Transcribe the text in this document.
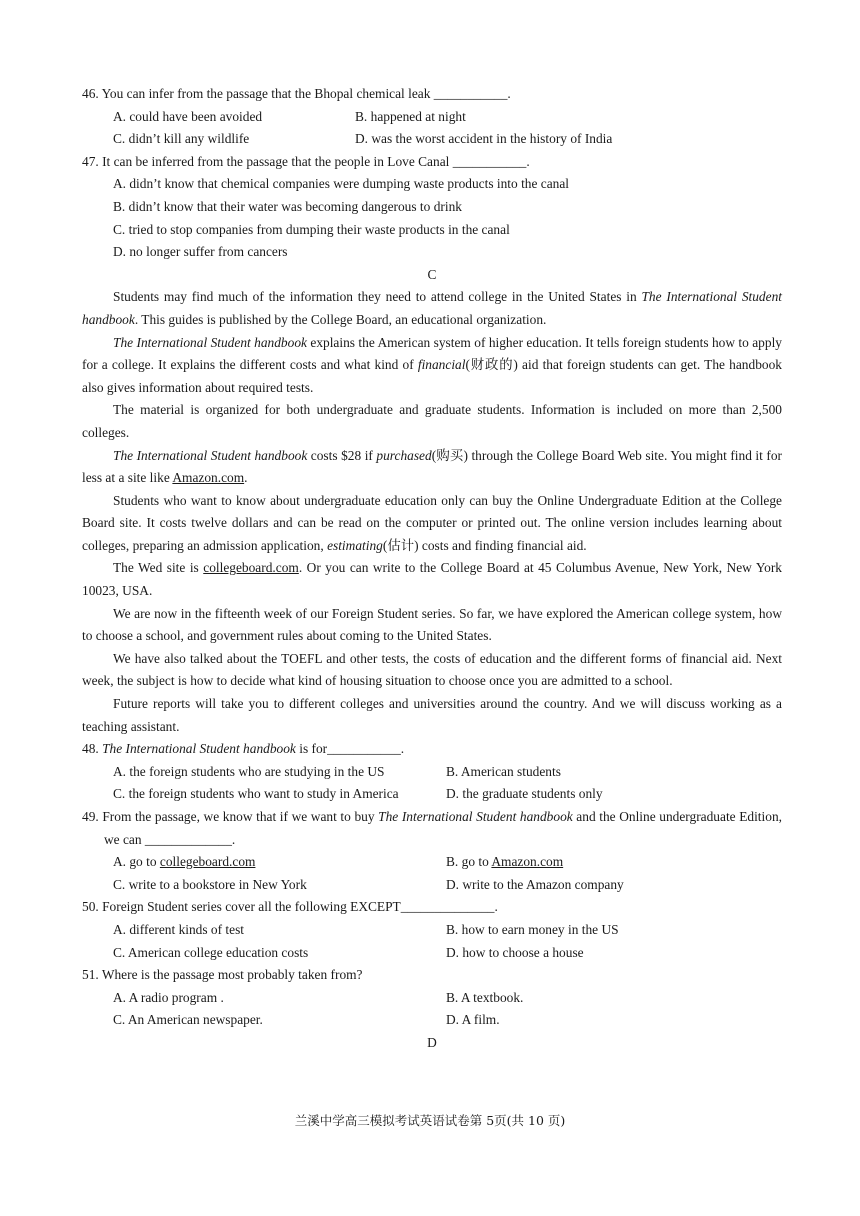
46. You can infer from the passage that the Bhopal chemical leak ___________.

A. could have been avoided	B. happened at night
C. didn’t kill any wildlife	D. was the worst accident in the history of India

47. It can be inferred from the passage that the people in Love Canal ___________.

A. didn’t know that chemical companies were dumping waste products into the canal

B. didn’t know that their water was becoming dangerous to drink

C. tried to stop companies from dumping their waste products in the canal

D. no longer suffer from cancers

C

Students may find much of the information they need to attend college in the United States in The International Student handbook. This guides is published by the College Board, an educational organization.

The International Student handbook explains the American system of higher education. It tells foreign students how to apply for a college. It explains the different costs and what kind of financial(财政的) aid that foreign students can get. The handbook also gives information about required tests.

The material is organized for both undergraduate and graduate students. Information is included on more than 2,500 colleges.

The International Student handbook costs $28 if purchased(购买) through the College Board Web site. You might find it for less at a site like Amazon.com.

Students who want to know about undergraduate education only can buy the Online Undergraduate Edition at the College Board site. It costs twelve dollars and can be read on the computer or printed out. The online version includes learning about colleges, preparing an admission application, estimating(估计) costs and finding financial aid.

The Wed site is collegeboard.com. Or you can write to the College Board at 45 Columbus Avenue, New York, New York 10023, USA.

We are now in the fifteenth week of our Foreign Student series. So far, we have explored the American college system, how to choose a school, and government rules about coming to the United States.

We have also talked about the TOEFL and other tests, the costs of education and the different forms of financial aid. Next week, the subject is how to decide what kind of housing situation to choose once you are admitted to a school.

Future reports will take you to different colleges and universities around the country. And we will discuss working as a teaching assistant.

48. The International Student handbook is for___________.

A. the foreign students who are studying in the US	B. American students
C. the foreign students who want to study in America	D. the graduate students only

49. From the passage, we know that if we want to buy The International Student handbook and the Online undergraduate Edition, we can _____________.

A. go to collegeboard.com	B. go to Amazon.com
C. write to a bookstore in New York	D. write to the Amazon company

50. Foreign Student series cover all the following EXCEPT______________.

A. different kinds of test	B. how to earn money in the US
C. American college education costs	D. how to choose a house

51. Where is the passage most probably taken from?

A. A radio program .	B. A textbook.
C. An American newspaper.	D. A film.

D

兰溪中学高三模拟考试英语试卷第 5页(共 10 页)
